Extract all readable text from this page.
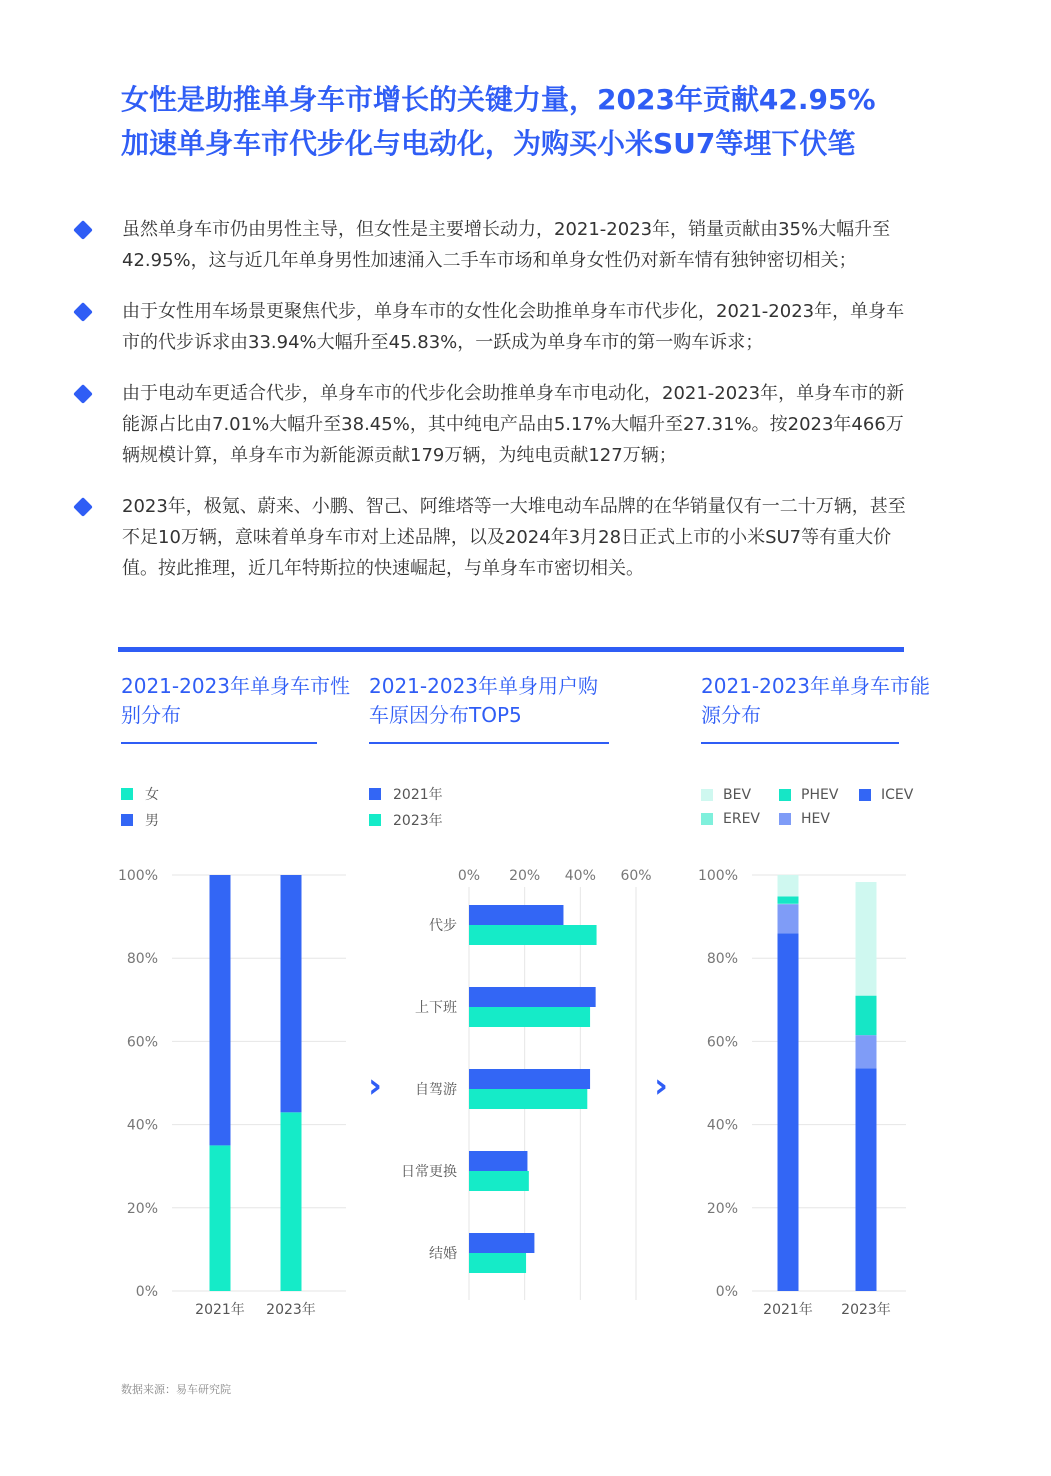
女性是助推单身车市增长的关键力量，2023年贡献42.95%
加速单身车市代步化与电动化，为购买小米SU7等埋下伏笔
虽然单身车市仍由男性主导，但女性是主要增长动力，2021-2023年，销量贡献由35%大幅升至42.95%，这与近几年单身男性加速涌入二手车市场和单身女性仍对新车情有独钟密切相关；
由于女性用车场景更聚焦代步，单身车市的女性化会助推单身车市代步化，2021-2023年，单身车市的代步诉求由33.94%大幅升至45.83%，一跃成为单身车市的第一购车诉求；
由于电动车更适合代步，单身车市的代步化会助推单身车市电动化，2021-2023年，单身车市的新能源占比由7.01%大幅升至38.45%，其中纯电产品由5.17%大幅升至27.31%。按2023年466万辆规模计算，单身车市为新能源贡献179万辆，为纯电贡献127万辆；
2023年，极氪、蔚来、小鹏、智己、阿维塔等一大堆电动车品牌的在华销量仅有一二十万辆，甚至不足10万辆，意味着单身车市对上述品牌，以及2024年3月28日正式上市的小米SU7等有重大价值。按此推理，近几年特斯拉的快速崛起，与单身车市密切相关。
2021-2023年单身车市性别分布
2021-2023年单身用户购车原因分布TOP5
2021-2023年单身车市能源分布
女
男
2021年
2023年
BEV	PHEV	ICEV
EREV	HEV
0%
20%
40%
60%
80%
100%
2021年 2023年
0% 20% 40% 60%
代步
上下班
自驾游
日常更换
结婚
0%
20%
40%
60%
80%
100%
2021年 2023年
›	›
数据来源：易车研究院
